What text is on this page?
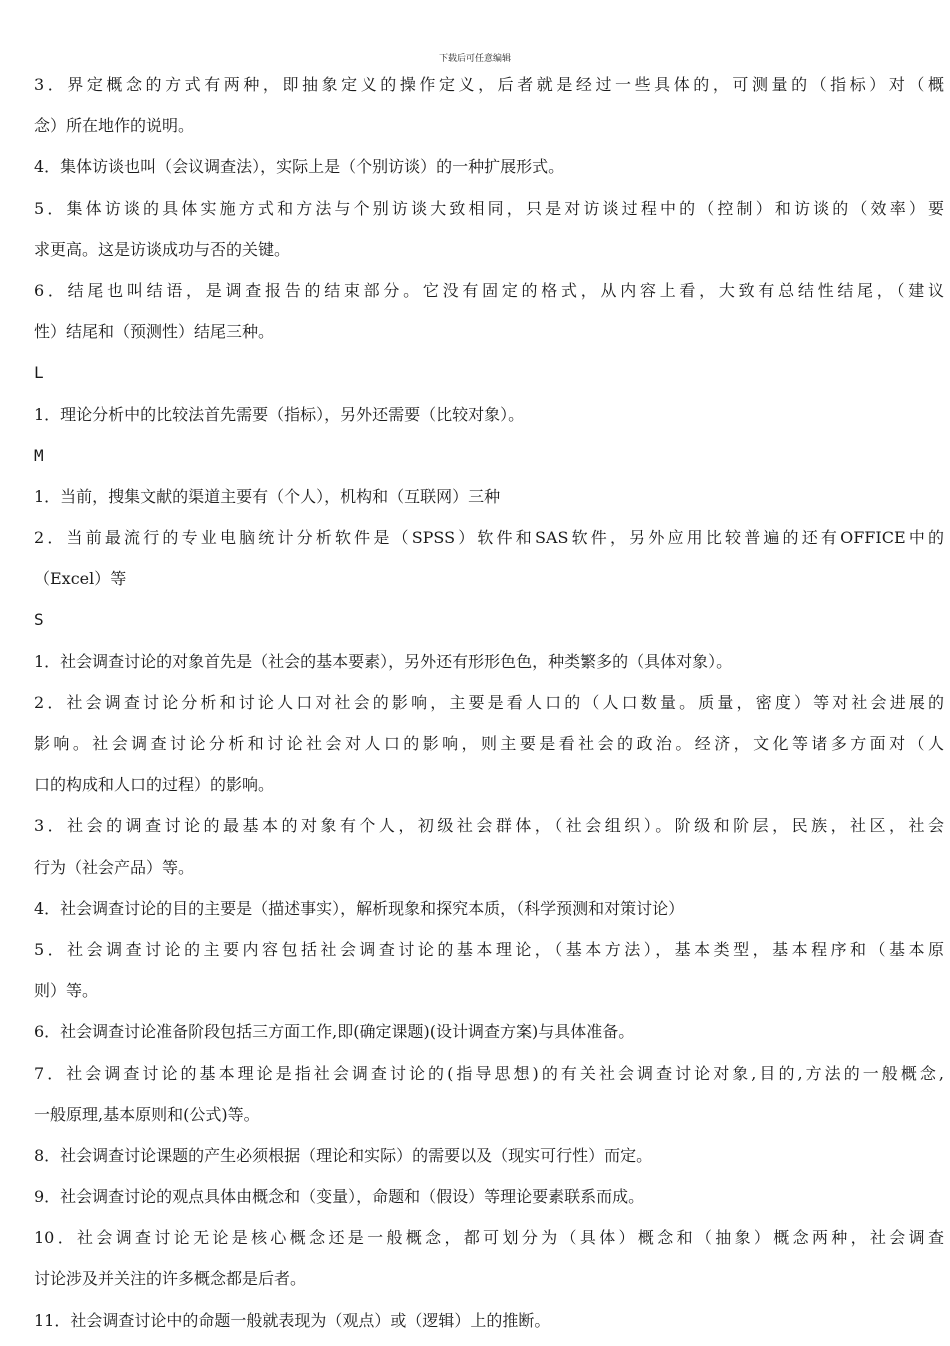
下载后可任意编辑
3．界定概念的方式有两种，即抽象定义的操作定义，后者就是经过一些具体的，可测量的（指标）对（概
念）所在地作的说明。
4．集体访谈也叫（会议调查法），实际上是（个别访谈）的一种扩展形式。
5．集体访谈的具体实施方式和方法与个别访谈大致相同，只是对访谈过程中的（控制）和访谈的（效率）要
求更高。这是访谈成功与否的关键。
6．结尾也叫结语，是调查报告的结束部分。它没有固定的格式，从内容上看，大致有总结性结尾，（建议
性）结尾和（预测性）结尾三种。
L
1．理论分析中的比较法首先需要（指标），另外还需要（比较对象）。
M
1．当前，搜集文献的渠道主要有（个人），机构和（互联网）三种
2．当前最流行的专业电脑统计分析软件是（SPSS）软件和SAS软件，另外应用比较普遍的还有OFFICE中的
（Excel）等
S
1．社会调查讨论的对象首先是（社会的基本要素），另外还有形形色色，种类繁多的（具体对象）。
2．社会调查讨论分析和讨论人口对社会的影响，主要是看人口的（人口数量。质量，密度）等对社会进展的
影响。社会调查讨论分析和讨论社会对人口的影响，则主要是看社会的政治。经济，文化等诸多方面对（人
口的构成和人口的过程）的影响。
3．社会的调查讨论的最基本的对象有个人，初级社会群体，（社会组织）。阶级和阶层，民族，社区，社会
行为（社会产品）等。
4．社会调查讨论的目的主要是（描述事实），解析现象和探究本质，（科学预测和对策讨论）
5．社会调查讨论的主要内容包括社会调查讨论的基本理论，（基本方法），基本类型，基本程序和（基本原
则）等。
6．社会调查讨论准备阶段包括三方面工作,即(确定课题)(设计调查方案)与具体准备。
7．社会调查讨论的基本理论是指社会调查讨论的(指导思想)的有关社会调查讨论对象,目的,方法的一般概念,
一般原理,基本原则和(公式)等。
8．社会调查讨论课题的产生必须根据（理论和实际）的需要以及（现实可行性）而定。
9．社会调查讨论的观点具体由概念和（变量），命题和（假设）等理论要素联系而成。
10．社会调查讨论无论是核心概念还是一般概念，都可划分为（具体）概念和（抽象）概念两种，社会调查
讨论涉及并关注的许多概念都是后者。
11．社会调查讨论中的命题一般就表现为（观点）或（逻辑）上的推断。
